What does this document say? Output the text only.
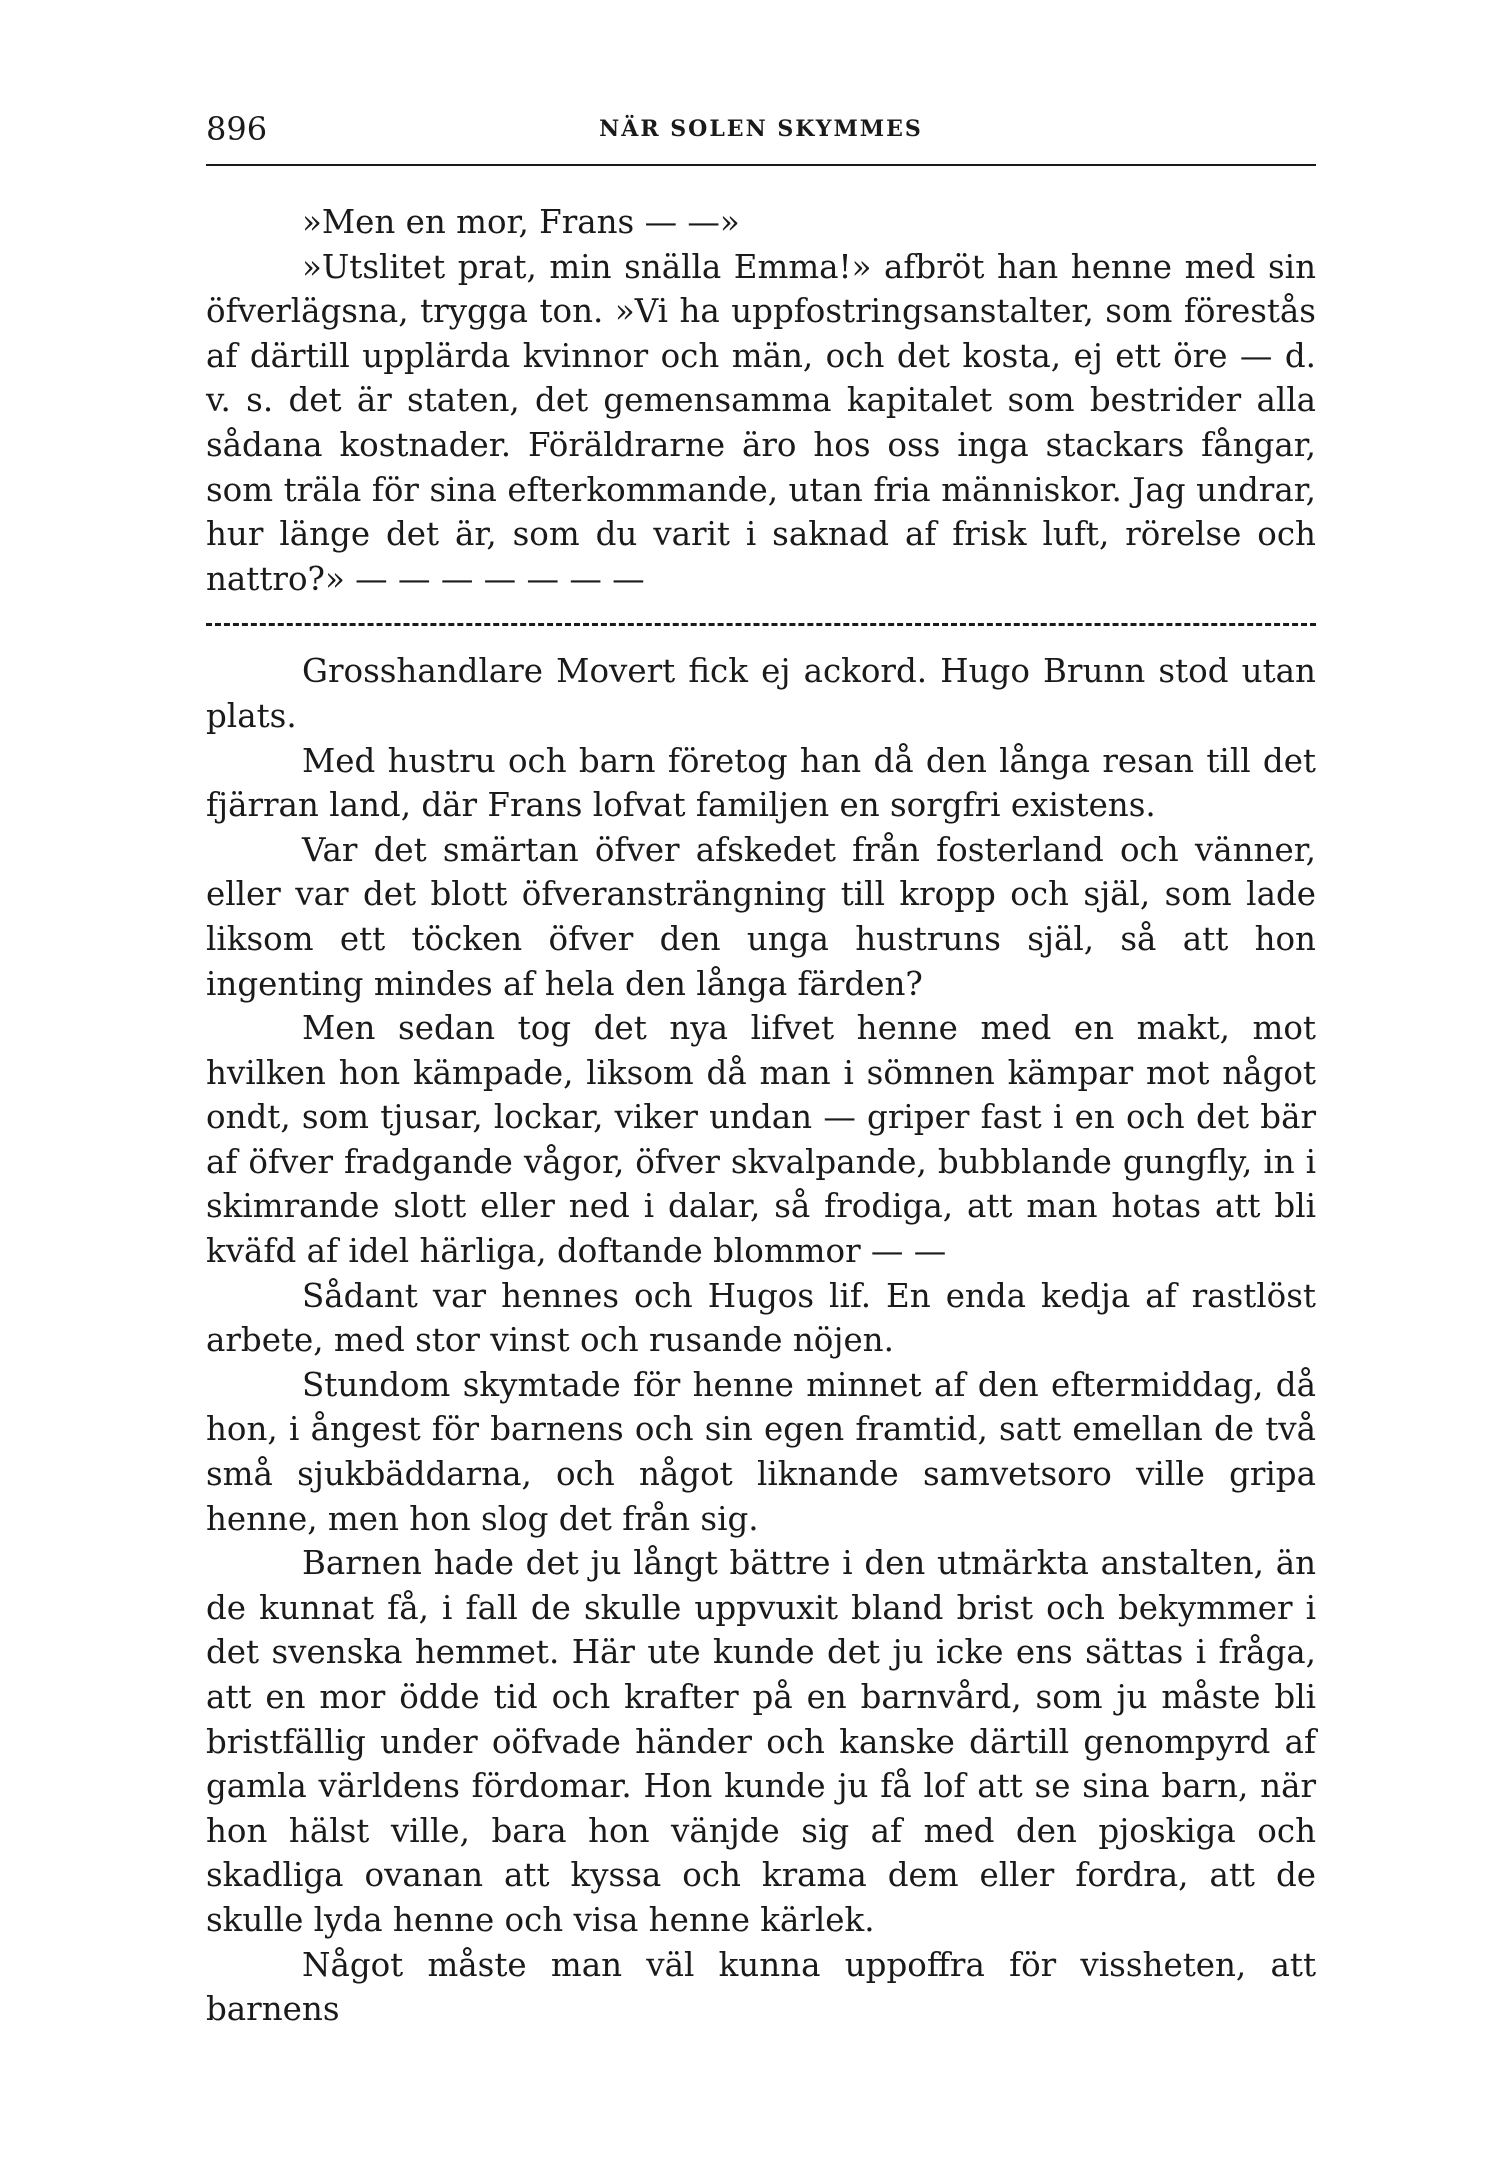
896	NÄR SOLEN SKYMMES

»Men en mor, Frans — —»

»Utslitet prat, min snälla Emma!» afbröt han henne med sin öfverlägsna, trygga ton. »Vi ha uppfostringsanstalter, som förestås af därtill upplärda kvinnor och män, och det kosta, ej ett öre — d. v. s. det är staten, det gemensamma kapitalet som bestrider alla sådana kostnader. Föräldrarne äro hos oss inga stackars fångar, som träla för sina efterkommande, utan fria människor. Jag undrar, hur länge det är, som du varit i saknad af frisk luft, rörelse och nattro?» — — — — — — —

Grosshandlare Movert fick ej ackord. Hugo Brunn stod utan plats.

Med hustru och barn företog han då den långa resan till det fjärran land, där Frans lofvat familjen en sorgfri existens.

Var det smärtan öfver afskedet från fosterland och vänner, eller var det blott öfveransträngning till kropp och själ, som lade liksom ett töcken öfver den unga hustruns själ, så att hon ingenting mindes af hela den långa färden?

Men sedan tog det nya lifvet henne med en makt, mot hvilken hon kämpade, liksom då man i sömnen kämpar mot något ondt, som tjusar, lockar, viker undan — griper fast i en och det bär af öfver fradgande vågor, öfver skvalpande, bubblande gungfly, in i skimrande slott eller ned i dalar, så frodiga, att man hotas att bli kväfd af idel härliga, doftande blommor — —

Sådant var hennes och Hugos lif. En enda kedja af rastlöst arbete, med stor vinst och rusande nöjen.

Stundom skymtade för henne minnet af den eftermiddag, då hon, i ångest för barnens och sin egen framtid, satt emellan de två små sjukbäddarna, och något liknande samvetsoro ville gripa henne, men hon slog det från sig.

Barnen hade det ju långt bättre i den utmärkta anstalten, än de kunnat få, i fall de skulle uppvuxit bland brist och bekymmer i det svenska hemmet. Här ute kunde det ju icke ens sättas i fråga, att en mor ödde tid och krafter på en barnvård, som ju måste bli bristfällig under oöfvade händer och kanske därtill genompyrd af gamla världens fördomar. Hon kunde ju få lof att se sina barn, när hon hälst ville, bara hon vänjde sig af med den pjoskiga och skadliga ovanan att kyssa och krama dem eller fordra, att de skulle lyda henne och visa henne kärlek.

Något måste man väl kunna uppoffra för vissheten, att barnens
